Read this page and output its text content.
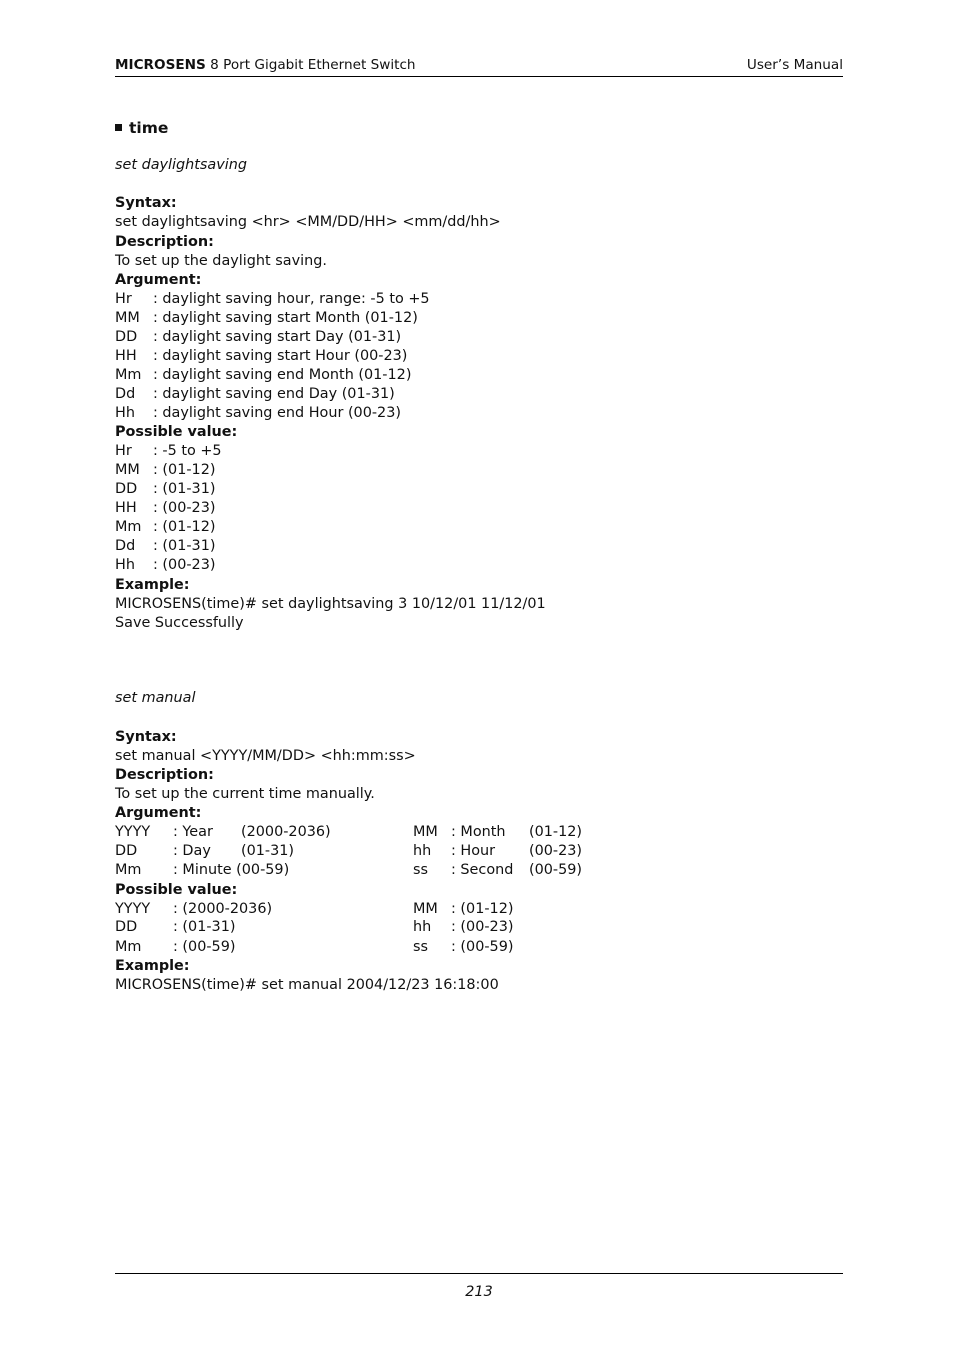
MICROSENS 8 Port Gigabit Ethernet Switch	User’s Manual
time
set daylightsaving
Syntax:
set daylightsaving <hr> <MM/DD/HH> <mm/dd/hh>
Description:
To set up the daylight saving.
Argument:
Hr : daylight saving hour, range: -5 to +5
MM : daylight saving start Month (01-12)
DD : daylight saving start Day (01-31)
HH : daylight saving start Hour (00-23)
Mm : daylight saving end Month (01-12)
Dd : daylight saving end Day (01-31)
Hh : daylight saving end Hour (00-23)
Possible value:
Hr : -5 to +5
MM : (01-12)
DD : (01-31)
HH : (00-23)
Mm : (01-12)
Dd : (01-31)
Hh : (00-23)
Example:
MICROSENS(time)# set daylightsaving 3 10/12/01 11/12/01
Save Successfully
set manual
Syntax:
set manual <YYYY/MM/DD> <hh:mm:ss>
Description:
To set up the current time manually.
Argument:
YYYY : Year (2000-2036)	MM : Month (01-12)
DD : Day (01-31)	hh : Hour (00-23)
Mm : Minute (00-59)	ss : Second (00-59)
Possible value:
YYYY : (2000-2036)	MM : (01-12)
DD : (01-31)	hh : (00-23)
Mm : (00-59)	ss : (00-59)
Example:
MICROSENS(time)# set manual 2004/12/23 16:18:00
213
